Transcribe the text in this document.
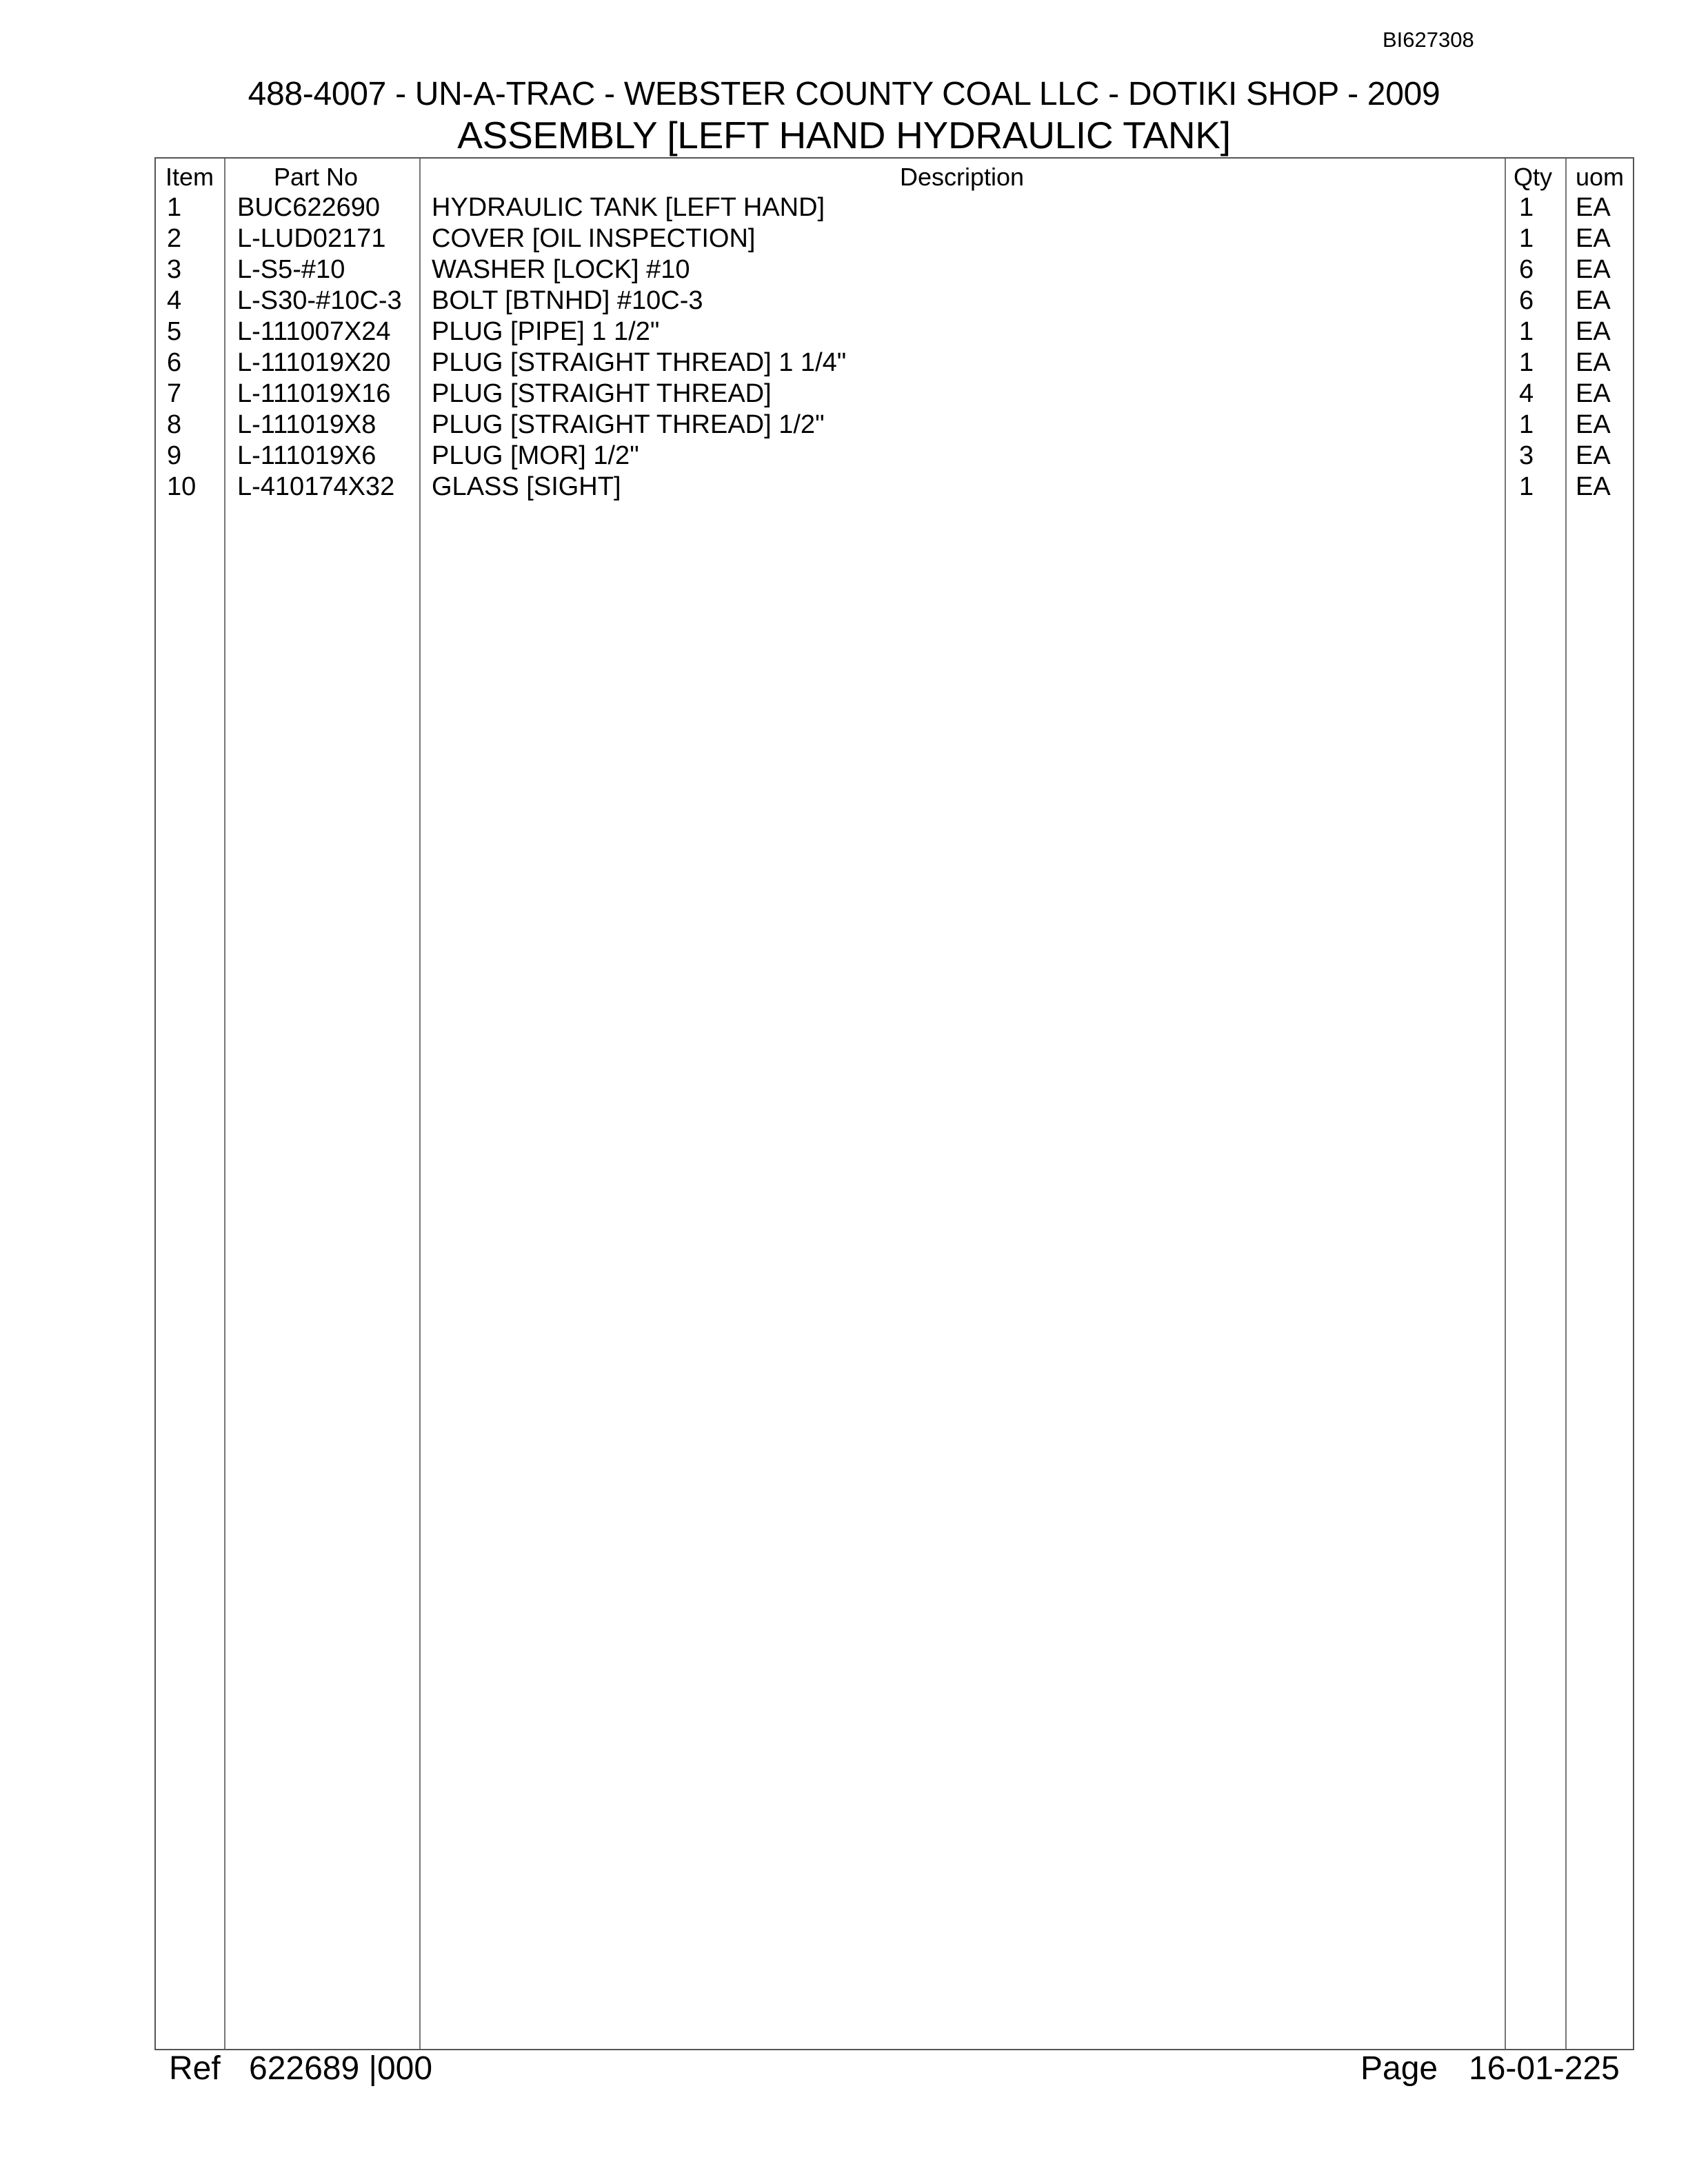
BI627308
488-4007 - UN-A-TRAC - WEBSTER COUNTY COAL LLC - DOTIKI SHOP - 2009
ASSEMBLY [LEFT HAND HYDRAULIC TANK]
Item	Part No	Description	Qty uom
1 BUC622690 HYDRAULIC TANK [LEFT HAND]	1 EA
2 L-LUD02171 COVER [OIL INSPECTION]	1 EA
3 L-S5-#10	WASHER [LOCK] #10	6 EA
4 L-S30-#10C-3 BOLT [BTNHD] #10C-3	6 EA
5 L-111007X24 PLUG [PIPE] 1 1/2"	1 EA
6 L-111019X20 PLUG [STRAIGHT THREAD] 1 1/4"	1 EA
7 L-111019X16 PLUG [STRAIGHT THREAD]	4 EA
8 L-111019X8 PLUG [STRAIGHT THREAD] 1/2"	1 EA
9 L-111019X6 PLUG [MOR] 1/2"	3 EA
10 L-410174X32 GLASS [SIGHT]	1 EA
Ref 622689 |000	Page 16-01-225
